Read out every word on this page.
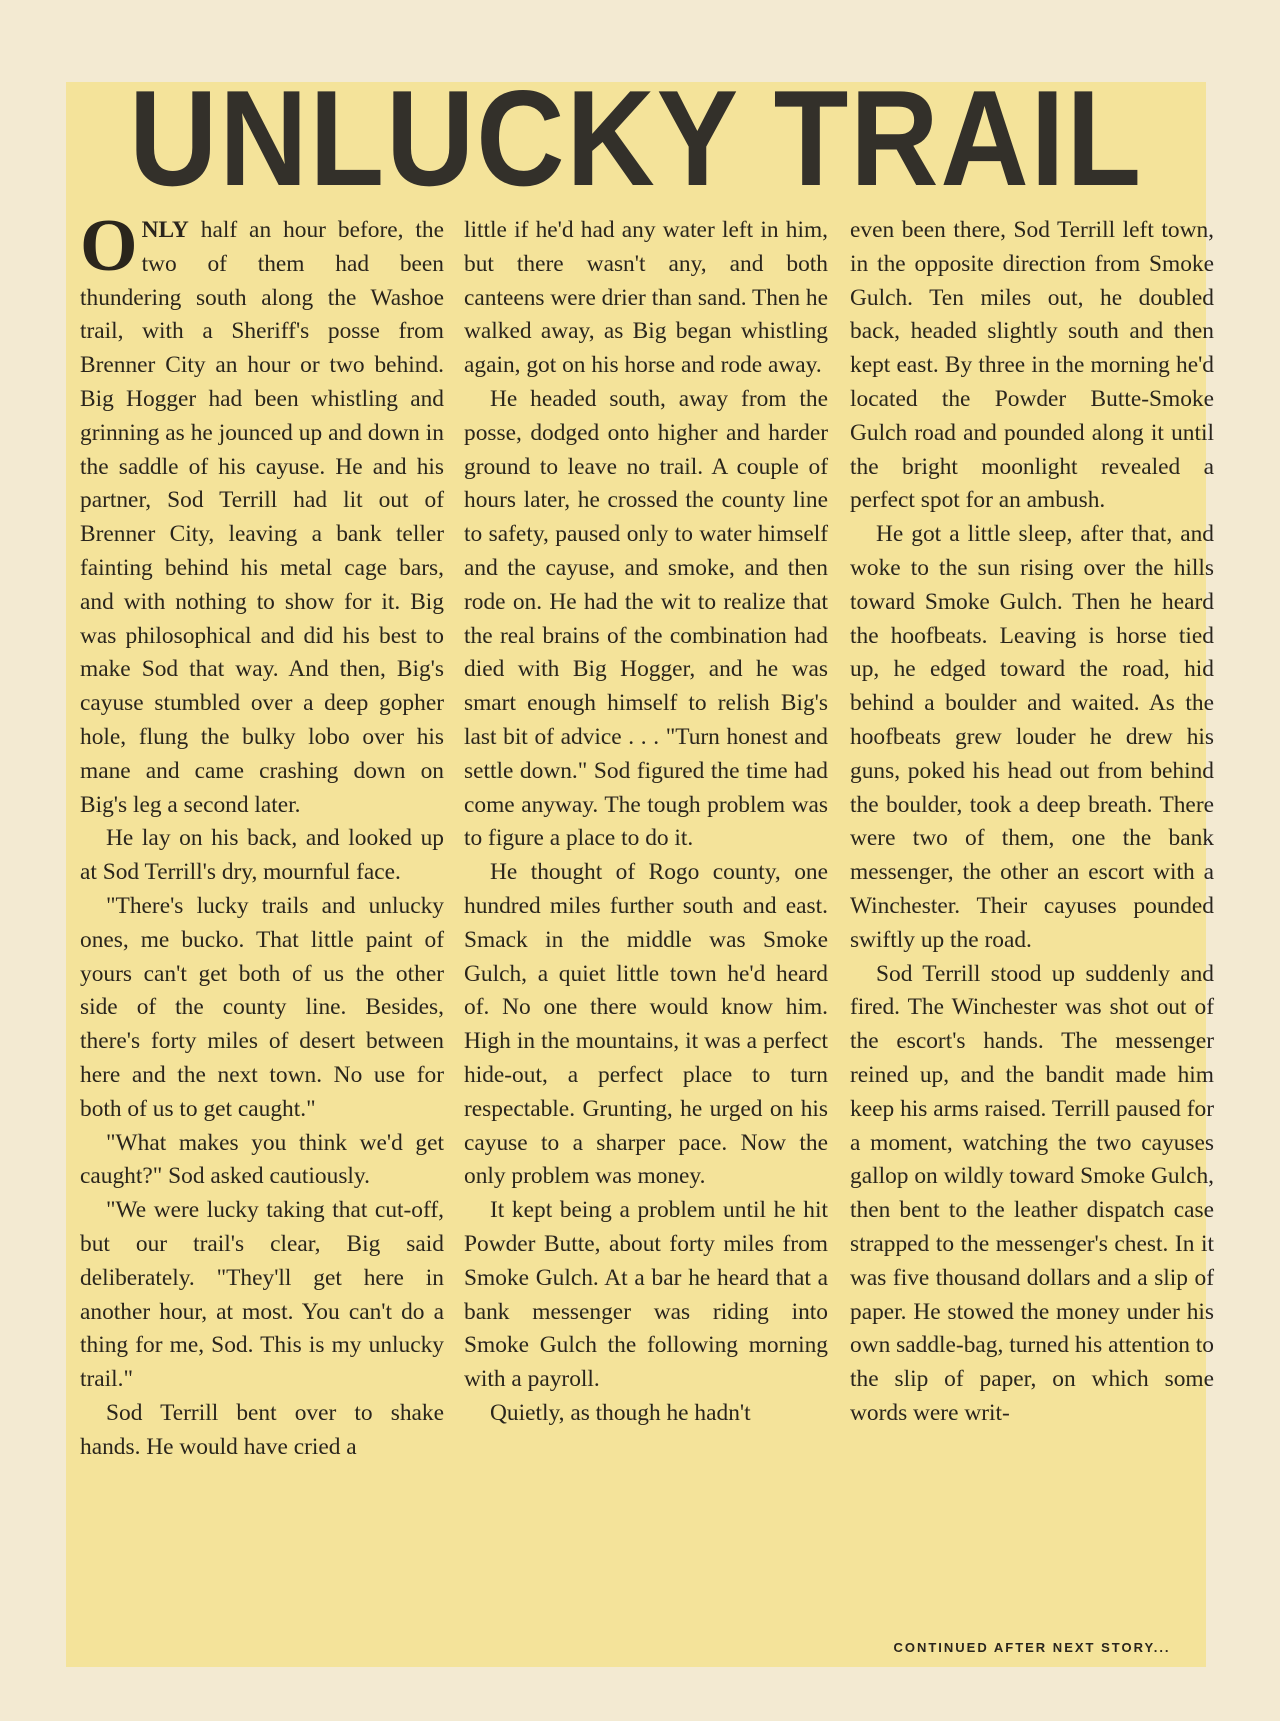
UNLUCKY TRAIL

ONLY half an hour before, the two of them had been thundering south along the Washoe trail, with a Sheriff's posse from Brenner City an hour or two behind. Big Hogger had been whistling and grinning as he jounced up and down in the saddle of his cayuse. He and his partner, Sod Terrill had lit out of Brenner City, leaving a bank teller fainting behind his metal cage bars, and with nothing to show for it. Big was philosophical and did his best to make Sod that way. And then, Big's cayuse stumbled over a deep gopher hole, flung the bulky lobo over his mane and came crashing down on Big's leg a second later.

He lay on his back, and looked up at Sod Terrill's dry, mournful face.

"There's lucky trails and unlucky ones, me bucko. That little paint of yours can't get both of us the other side of the county line. Besides, there's forty miles of desert between here and the next town. No use for both of us to get caught."

"What makes you think we'd get caught?" Sod asked cautiously.

"We were lucky taking that cut-off, but our trail's clear, Big said deliberately. "They'll get here in another hour, at most. You can't do a thing for me, Sod. This is my unlucky trail."

Sod Terrill bent over to shake hands. He would have cried a

little if he'd had any water left in him, but there wasn't any, and both canteens were drier than sand. Then he walked away, as Big began whistling again, got on his horse and rode away.

He headed south, away from the posse, dodged onto higher and harder ground to leave no trail. A couple of hours later, he crossed the county line to safety, paused only to water himself and the cayuse, and smoke, and then rode on. He had the wit to realize that the real brains of the combination had died with Big Hogger, and he was smart enough himself to relish Big's last bit of advice . . . "Turn honest and settle down." Sod figured the time had come anyway. The tough problem was to figure a place to do it.

He thought of Rogo county, one hundred miles further south and east. Smack in the middle was Smoke Gulch, a quiet little town he'd heard of. No one there would know him. High in the mountains, it was a perfect hide-out, a perfect place to turn respectable. Grunting, he urged on his cayuse to a sharper pace. Now the only problem was money.

It kept being a problem until he hit Powder Butte, about forty miles from Smoke Gulch. At a bar he heard that a bank messenger was riding into Smoke Gulch the following morning with a payroll.

Quietly, as though he hadn't

even been there, Sod Terrill left town, in the opposite direction from Smoke Gulch. Ten miles out, he doubled back, headed slightly south and then kept east. By three in the morning he'd located the Powder Butte-Smoke Gulch road and pounded along it until the bright moonlight revealed a perfect spot for an ambush.

He got a little sleep, after that, and woke to the sun rising over the hills toward Smoke Gulch. Then he heard the hoofbeats. Leaving is horse tied up, he edged toward the road, hid behind a boulder and waited. As the hoofbeats grew louder he drew his guns, poked his head out from behind the boulder, took a deep breath. There were two of them, one the bank messenger, the other an escort with a Winchester. Their cayuses pounded swiftly up the road.

Sod Terrill stood up suddenly and fired. The Winchester was shot out of the escort's hands. The messenger reined up, and the bandit made him keep his arms raised. Terrill paused for a moment, watching the two cayuses gallop on wildly toward Smoke Gulch, then bent to the leather dispatch case strapped to the messenger's chest. In it was five thousand dollars and a slip of paper. He stowed the money under his own saddle-bag, turned his attention to the slip of paper, on which some words were writ-

CONTINUED AFTER NEXT STORY...
